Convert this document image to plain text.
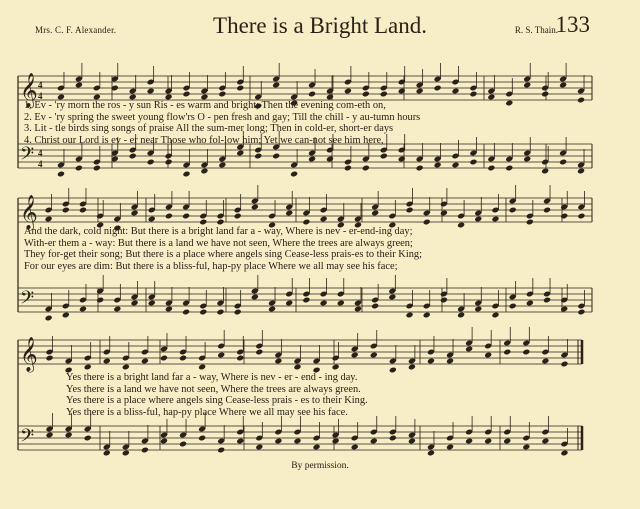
Mrs. C. F. Alexander.	There is a Bright Land.	R. S. Thain.
133
𝄞
𝄢
4
4
4
4
1. Ev - 'ry morn the ros - y sun Ris - es warm and bright; Then the evening com-eth on,
2. Ev - 'ry spring the sweet young flow'rs O - pen fresh and gay; Till the chill - y au-tumn hours
3. Lit - tle birds sing songs of praise All the sum-mer long; Then in cold-er, short-er days
4. Christ our Lord is ev - er near Those who fol-low him; Yet we can-not see him here,
𝄞
𝄢
And the dark, cold night: But there is a bright land far a - way, Where is nev - er-end-ing day;
With-er them a - way: But there is a land we have not seen, Where the trees are always green;
They for-get their song; But there is a place where angels sing Cease-less prais-es to their King;
For our eyes are dim: But there is a bliss-ful, hap-py place Where we all may see his face;
𝄞
𝄢
Yes there is a bright land far a - way, Where is nev - er - end - ing day.
Yes there is a land we have not seen, Where the trees are always green.
Yes there is a place where angels sing Cease-less prais - es to their King.
Yes there is a bliss-ful, hap-py place Where we all may see his face.
By permission.
